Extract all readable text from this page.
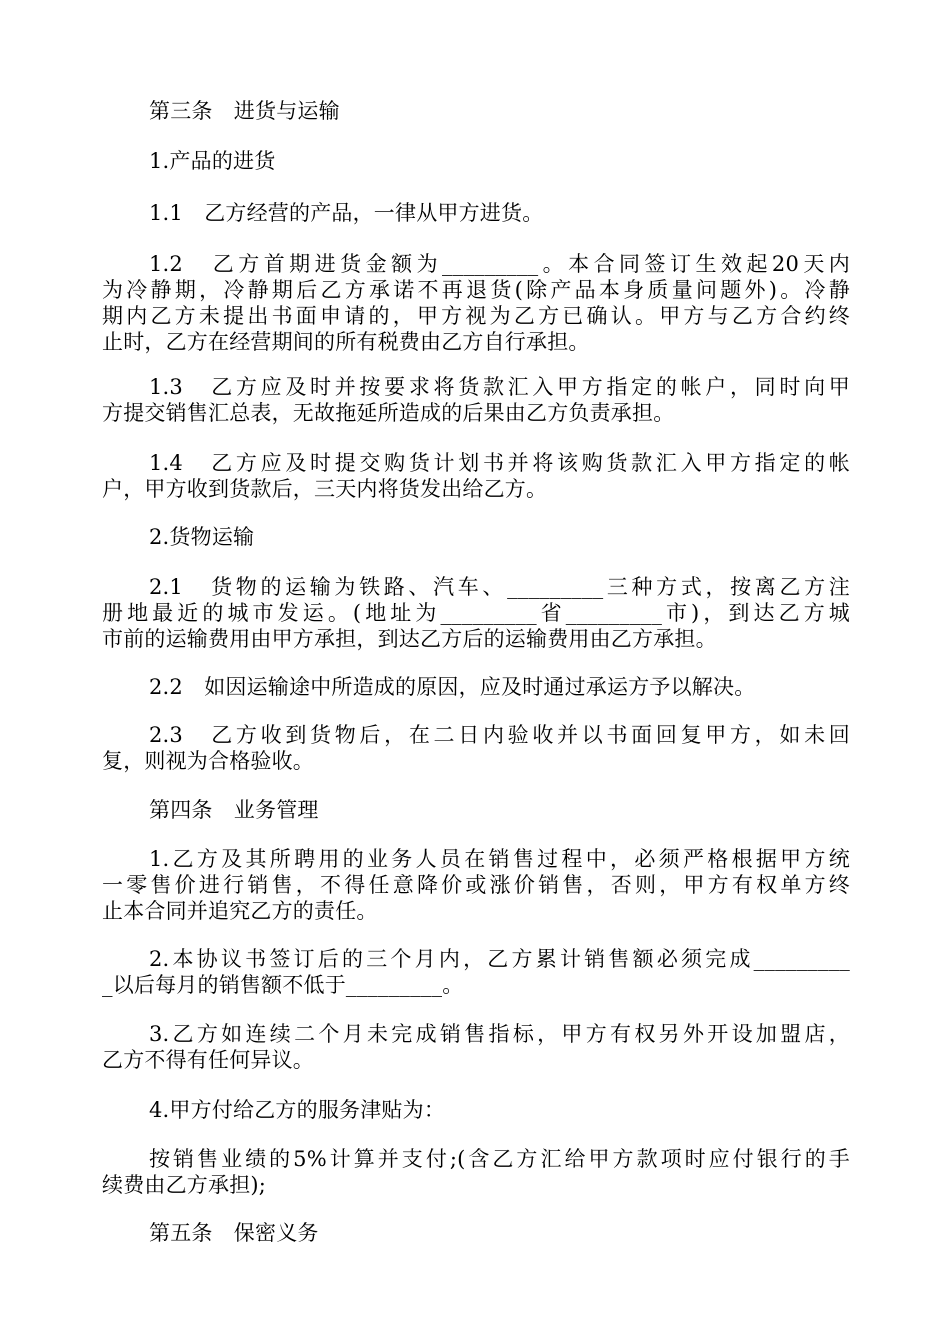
第三条　进货与运输

1.产品的进货

1.1　乙方经营的产品，一律从甲方进货。

1.2　乙方首期进货金额为_________。本合同签订生效起20天内
为冷静期，冷静期后乙方承诺不再退货(除产品本身质量问题外)。冷静
期内乙方未提出书面申请的，甲方视为乙方已确认。甲方与乙方合约终
止时，乙方在经营期间的所有税费由乙方自行承担。

1.3　乙方应及时并按要求将货款汇入甲方指定的帐户，同时向甲
方提交销售汇总表，无故拖延所造成的后果由乙方负责承担。

1.4　乙方应及时提交购货计划书并将该购货款汇入甲方指定的帐
户，甲方收到货款后，三天内将货发出给乙方。

2.货物运输

2.1　货物的运输为铁路、汽车、_________三种方式，按离乙方注
册地最近的城市发运。(地址为_________省_________市)，到达乙方城
市前的运输费用由甲方承担，到达乙方后的运输费用由乙方承担。

2.2　如因运输途中所造成的原因，应及时通过承运方予以解决。

2.3　乙方收到货物后，在二日内验收并以书面回复甲方，如未回
复，则视为合格验收。

第四条　业务管理

1.乙方及其所聘用的业务人员在销售过程中，必须严格根据甲方统
一零售价进行销售，不得任意降价或涨价销售，否则，甲方有权单方终
止本合同并追究乙方的责任。

2.本协议书签订后的三个月内，乙方累计销售额必须完成_________
_以后每月的销售额不低于_________。

3.乙方如连续二个月未完成销售指标，甲方有权另外开设加盟店，
乙方不得有任何异议。

4.甲方付给乙方的服务津贴为：

按销售业绩的5%计算并支付;(含乙方汇给甲方款项时应付银行的手
续费由乙方承担);

第五条　保密义务
